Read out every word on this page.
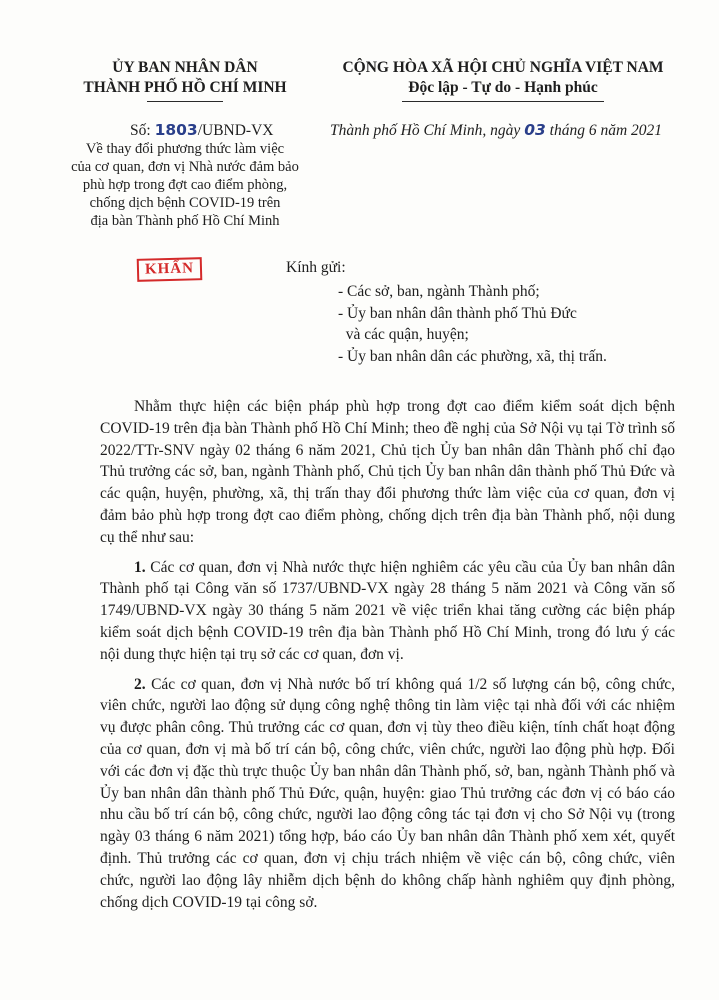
ỦY BAN NHÂN DÂN
THÀNH PHỐ HỒ CHÍ MINH
CỘNG HÒA XÃ HỘI CHỦ NGHĨA VIỆT NAM
Độc lập - Tự do - Hạnh phúc
Số: 1803/UBND-VX	Thành phố Hồ Chí Minh, ngày 03 tháng 6 năm 2021
Về thay đổi phương thức làm việc
của cơ quan, đơn vị Nhà nước đảm bảo
phù hợp trong đợt cao điểm phòng,
chống dịch bệnh COVID-19 trên
địa bàn Thành phố Hồ Chí Minh
KHẨN	Kính gửi:
- Các sở, ban, ngành Thành phố;
- Ủy ban nhân dân thành phố Thủ Đức
và các quận, huyện;
- Ủy ban nhân dân các phường, xã, thị trấn.

Nhằm thực hiện các biện pháp phù hợp trong đợt cao điểm kiểm soát dịch bệnh COVID-19 trên địa bàn Thành phố Hồ Chí Minh; theo đề nghị của Sở Nội vụ tại Tờ trình số 2022/TTr-SNV ngày 02 tháng 6 năm 2021, Chủ tịch Ủy ban nhân dân Thành phố chỉ đạo Thủ trưởng các sở, ban, ngành Thành phố, Chủ tịch Ủy ban nhân dân thành phố Thủ Đức và các quận, huyện, phường, xã, thị trấn thay đổi phương thức làm việc của cơ quan, đơn vị đảm bảo phù hợp trong đợt cao điểm phòng, chống dịch trên địa bàn Thành phố, nội dung cụ thể như sau:

1. Các cơ quan, đơn vị Nhà nước thực hiện nghiêm các yêu cầu của Ủy ban nhân dân Thành phố tại Công văn số 1737/UBND-VX ngày 28 tháng 5 năm 2021 và Công văn số 1749/UBND-VX ngày 30 tháng 5 năm 2021 về việc triển khai tăng cường các biện pháp kiểm soát dịch bệnh COVID-19 trên địa bàn Thành phố Hồ Chí Minh, trong đó lưu ý các nội dung thực hiện tại trụ sở các cơ quan, đơn vị.

2. Các cơ quan, đơn vị Nhà nước bố trí không quá 1/2 số lượng cán bộ, công chức, viên chức, người lao động sử dụng công nghệ thông tin làm việc tại nhà đối với các nhiệm vụ được phân công. Thủ trưởng các cơ quan, đơn vị tùy theo điều kiện, tính chất hoạt động của cơ quan, đơn vị mà bố trí cán bộ, công chức, viên chức, người lao động phù hợp. Đối với các đơn vị đặc thù trực thuộc Ủy ban nhân dân Thành phố, sở, ban, ngành Thành phố và Ủy ban nhân dân thành phố Thủ Đức, quận, huyện: giao Thủ trưởng các đơn vị có báo cáo nhu cầu bố trí cán bộ, công chức, người lao động công tác tại đơn vị cho Sở Nội vụ (trong ngày 03 tháng 6 năm 2021) tổng hợp, báo cáo Ủy ban nhân dân Thành phố xem xét, quyết định. Thủ trưởng các cơ quan, đơn vị chịu trách nhiệm về việc cán bộ, công chức, viên chức, người lao động lây nhiễm dịch bệnh do không chấp hành nghiêm quy định phòng, chống dịch COVID-19 tại công sở.
